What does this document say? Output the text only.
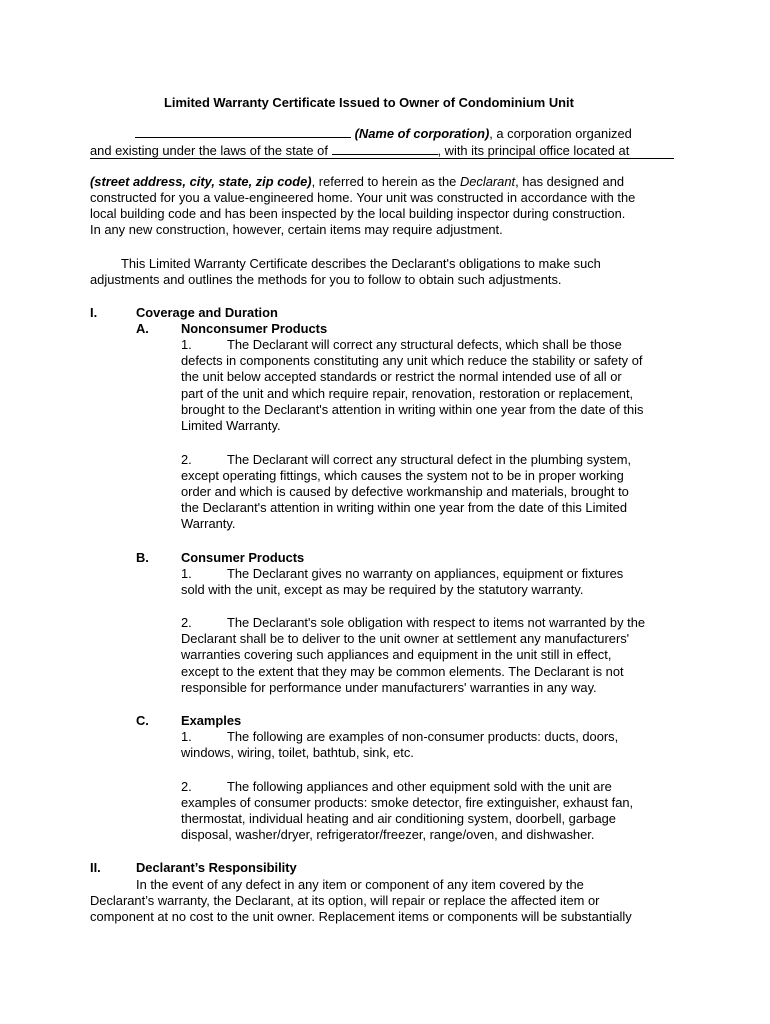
Limited Warranty Certificate Issued to Owner of Condominium Unit
(Name of corporation), a corporation organized
and existing under the laws of the state of	, with its principal office located at
(street address, city, state, zip code), referred to herein as the Declarant, has designed and
constructed for you a value-engineered home. Your unit was constructed in accordance with the
local building code and has been inspected by the local building inspector during construction.
In any new construction, however, certain items may require adjustment.
This Limited Warranty Certificate describes the Declarant's obligations to make such
adjustments and outlines the methods for you to follow to obtain such adjustments.
I.	Coverage and Duration
A. Nonconsumer Products
1.	The Declarant will correct any structural defects, which shall be those
defects in components constituting any unit which reduce the stability or safety of
the unit below accepted standards or restrict the normal intended use of all or
part of the unit and which require repair, renovation, restoration or replacement,
brought to the Declarant's attention in writing within one year from the date of this
Limited Warranty.
2.	The Declarant will correct any structural defect in the plumbing system,
except operating fittings, which causes the system not to be in proper working
order and which is caused by defective workmanship and materials, brought to
the Declarant's attention in writing within one year from the date of this Limited
Warranty.
B. Consumer Products
1.	The Declarant gives no warranty on appliances, equipment or fixtures
sold with the unit, except as may be required by the statutory warranty.
2.	The Declarant's sole obligation with respect to items not warranted by the
Declarant shall be to deliver to the unit owner at settlement any manufacturers'
warranties covering such appliances and equipment in the unit still in effect,
except to the extent that they may be common elements. The Declarant is not
responsible for performance under manufacturers' warranties in any way.
C. Examples
1.	The following are examples of non-consumer products: ducts, doors,
windows, wiring, toilet, bathtub, sink, etc.
2.	The following appliances and other equipment sold with the unit are
examples of consumer products: smoke detector, fire extinguisher, exhaust fan,
thermostat, individual heating and air conditioning system, doorbell, garbage
disposal, washer/dryer, refrigerator/freezer, range/oven, and dishwasher.
II.	Declarant’s Responsibility
In the event of any defect in any item or component of any item covered by the
Declarant’s warranty, the Declarant, at its option, will repair or replace the affected item or
component at no cost to the unit owner. Replacement items or components will be substantially
